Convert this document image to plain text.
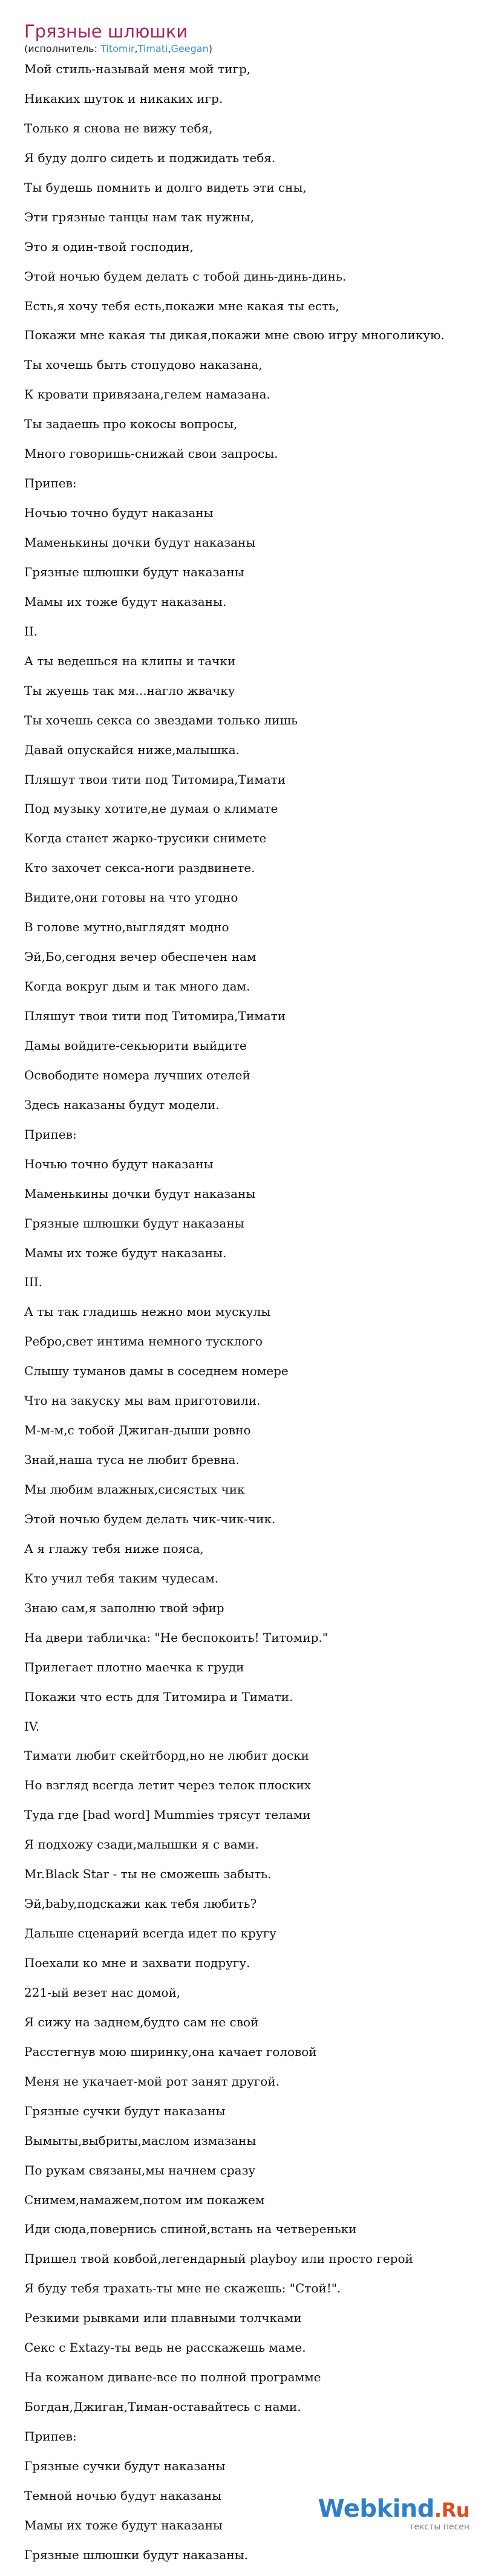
Грязные шлюшки
(исполнитель: Titomir,Timati,Geegan)
Мой стиль-называй меня мой тигр,
Никаких шуток и никаких игр.
Только я снова не вижу тебя,
Я буду долго сидеть и поджидать тебя.
Ты будешь помнить и долго видеть эти сны,
Эти грязные танцы нам так нужны,
Это я один-твой господин,
Этой ночью будем делать с тобой динь-динь-динь.
Есть,я хочу тебя есть,покажи мне какая ты есть,
Покажи мне какая ты дикая,покажи мне свою игру многоликую.
Ты хочешь быть стопудово наказана,
К кровати привязана,гелем намазана.
Ты задаешь про кокосы вопросы,
Много говоришь-снижай свои запросы.
Припев:
Ночью точно будут наказаны
Маменькины дочки будут наказаны
Грязные шлюшки будут наказаны
Мамы их тоже будут наказаны.
II.
А ты ведешься на клипы и тачки
Ты жуешь так мя...нагло жвачку
Ты хочешь секса со звездами только лишь
Давай опускайся ниже,малышка.
Пляшут твои тити под Титомира,Тимати
Под музыку хотите,не думая о климате
Когда станет жарко-трусики снимете
Кто захочет секса-ноги раздвинете.
Видите,они готовы на что угодно
В голове мутно,выглядят модно
Эй,Бо,сегодня вечер обеспечен нам
Когда вокруг дым и так много дам.
Пляшут твои тити под Титомира,Тимати
Дамы войдите-секьюрити выйдите
Освободите номера лучших отелей
Здесь наказаны будут модели.
Припев:
Ночью точно будут наказаны
Маменькины дочки будут наказаны
Грязные шлюшки будут наказаны
Мамы их тоже будут наказаны.
III.
А ты так гладишь нежно мои мускулы
Ребро,свет интима немного тусклого
Слышу туманов дамы в соседнем номере
Что на закуску мы вам приготовили.
М-м-м,с тобой Джиган-дыши ровно
Знай,наша туса не любит бревна.
Мы любим влажных,сисястых чик
Этой ночью будем делать чик-чик-чик.
А я глажу тебя ниже пояса,
Кто учил тебя таким чудесам.
Знаю сам,я заполню твой эфир
На двери табличка: "Не беспокоить! Титомир."
Прилегает плотно маечка к груди
Покажи что есть для Титомира и Тимати.
IV.
Тимати любит скейтборд,но не любит доски
Но взгляд всегда летит через телок плоских
Туда где [bad word] Mummies трясут телами
Я подхожу сзади,малышки я с вами.
Mr.Black Star - ты не сможешь забыть.
Эй,baby,подскажи как тебя любить?
Дальше сценарий всегда идет по кругу
Поехали ко мне и захвати подругу.
221-ый везет нас домой,
Я сижу на заднем,будто сам не свой
Расстегнув мою ширинку,она качает головой
Меня не укачает-мой рот занят другой.
Грязные сучки будут наказаны
Вымыты,выбриты,маслом измазаны
По рукам связаны,мы начнем сразу
Снимем,намажем,потом им покажем
Иди сюда,повернись спиной,встань на четвереньки
Пришел твой ковбой,легендарный playboy или просто герой
Я буду тебя трахать-ты мне не скажешь: "Стой!".
Резкими рывками или плавными толчками
Секс с Extazy-ты ведь не расскажешь маме.
На кожаном диване-все по полной программе
Богдан,Джиган,Тиман-оставайтесь с нами.
Припев:
Грязные сучки будут наказаны
Темной ночью будут наказаны
Мамы их тоже будут наказаны
Грязные шлюшки будут наказаны.
Webkind.Ru
тексты песен
